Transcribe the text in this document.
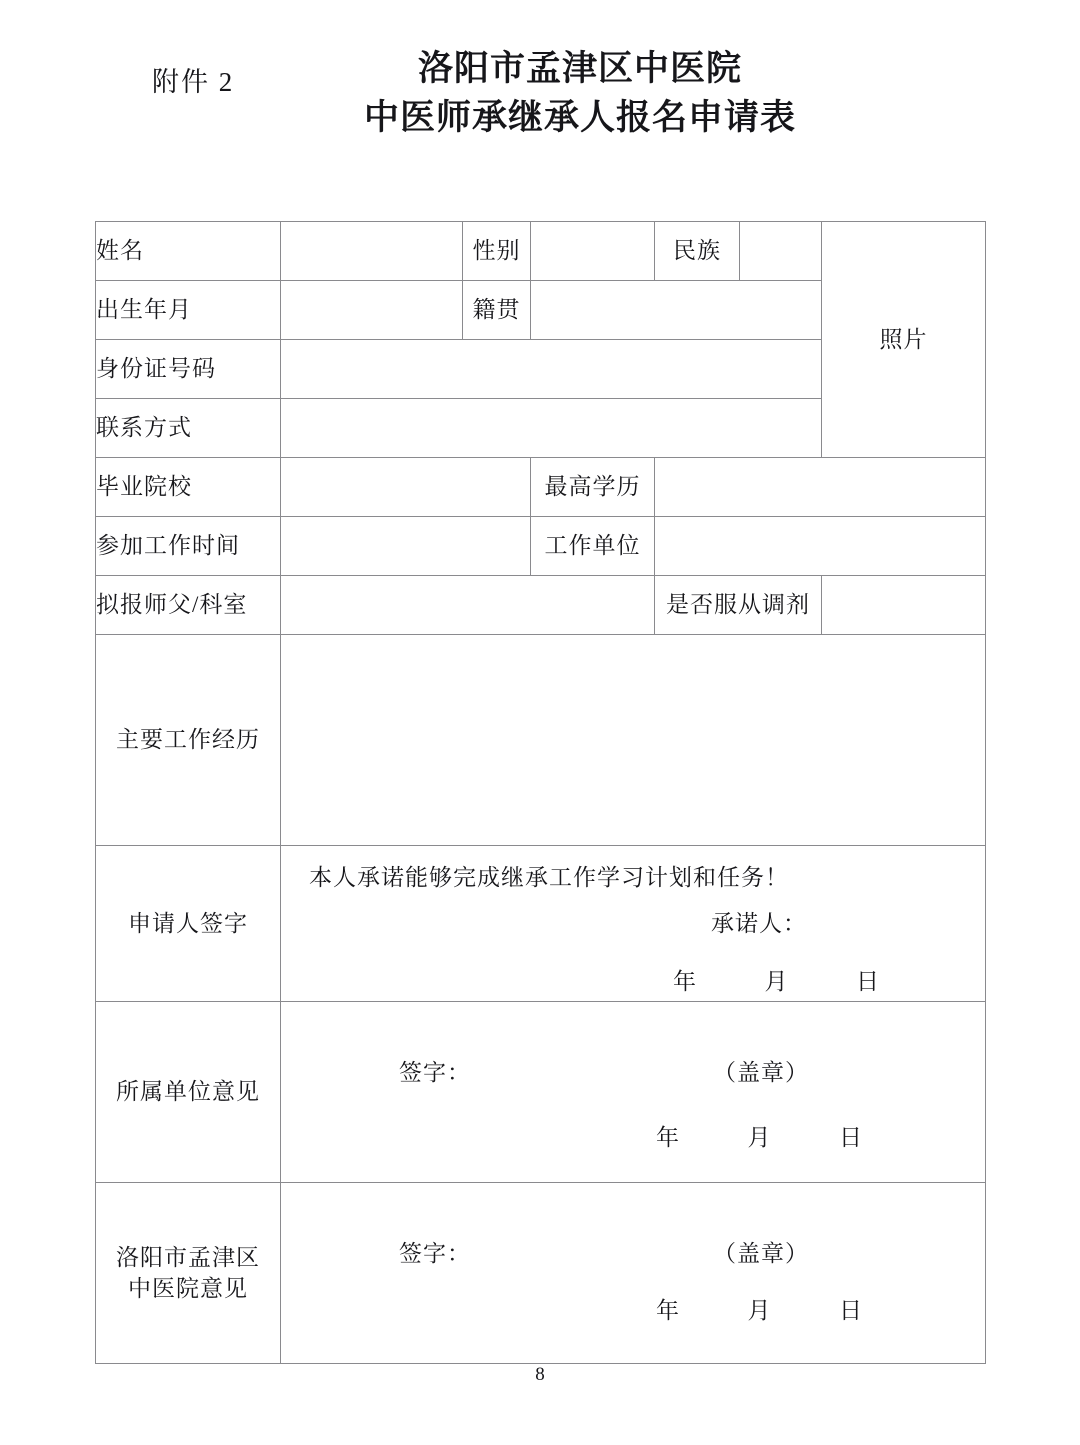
附件 2	洛阳市孟津区中医院
中医师承继承人报名申请表
姓名		性别		民族		照片
出生年月		籍贯				
身份证号码						
联系方式						
毕业院校			最高学历			
参加工作时间			工作单位			
拟报师父/科室				是否服从调剂		
主要工作经历						
申请人签字	本人承诺能够完成继承工作学习计划和任务！
承诺人：
年 月 日					

所属单位意见	签字： （盖章）
年 月 日					

洛阳市孟津区
中医院意见

签字：	（盖章）
年	月	日
8
